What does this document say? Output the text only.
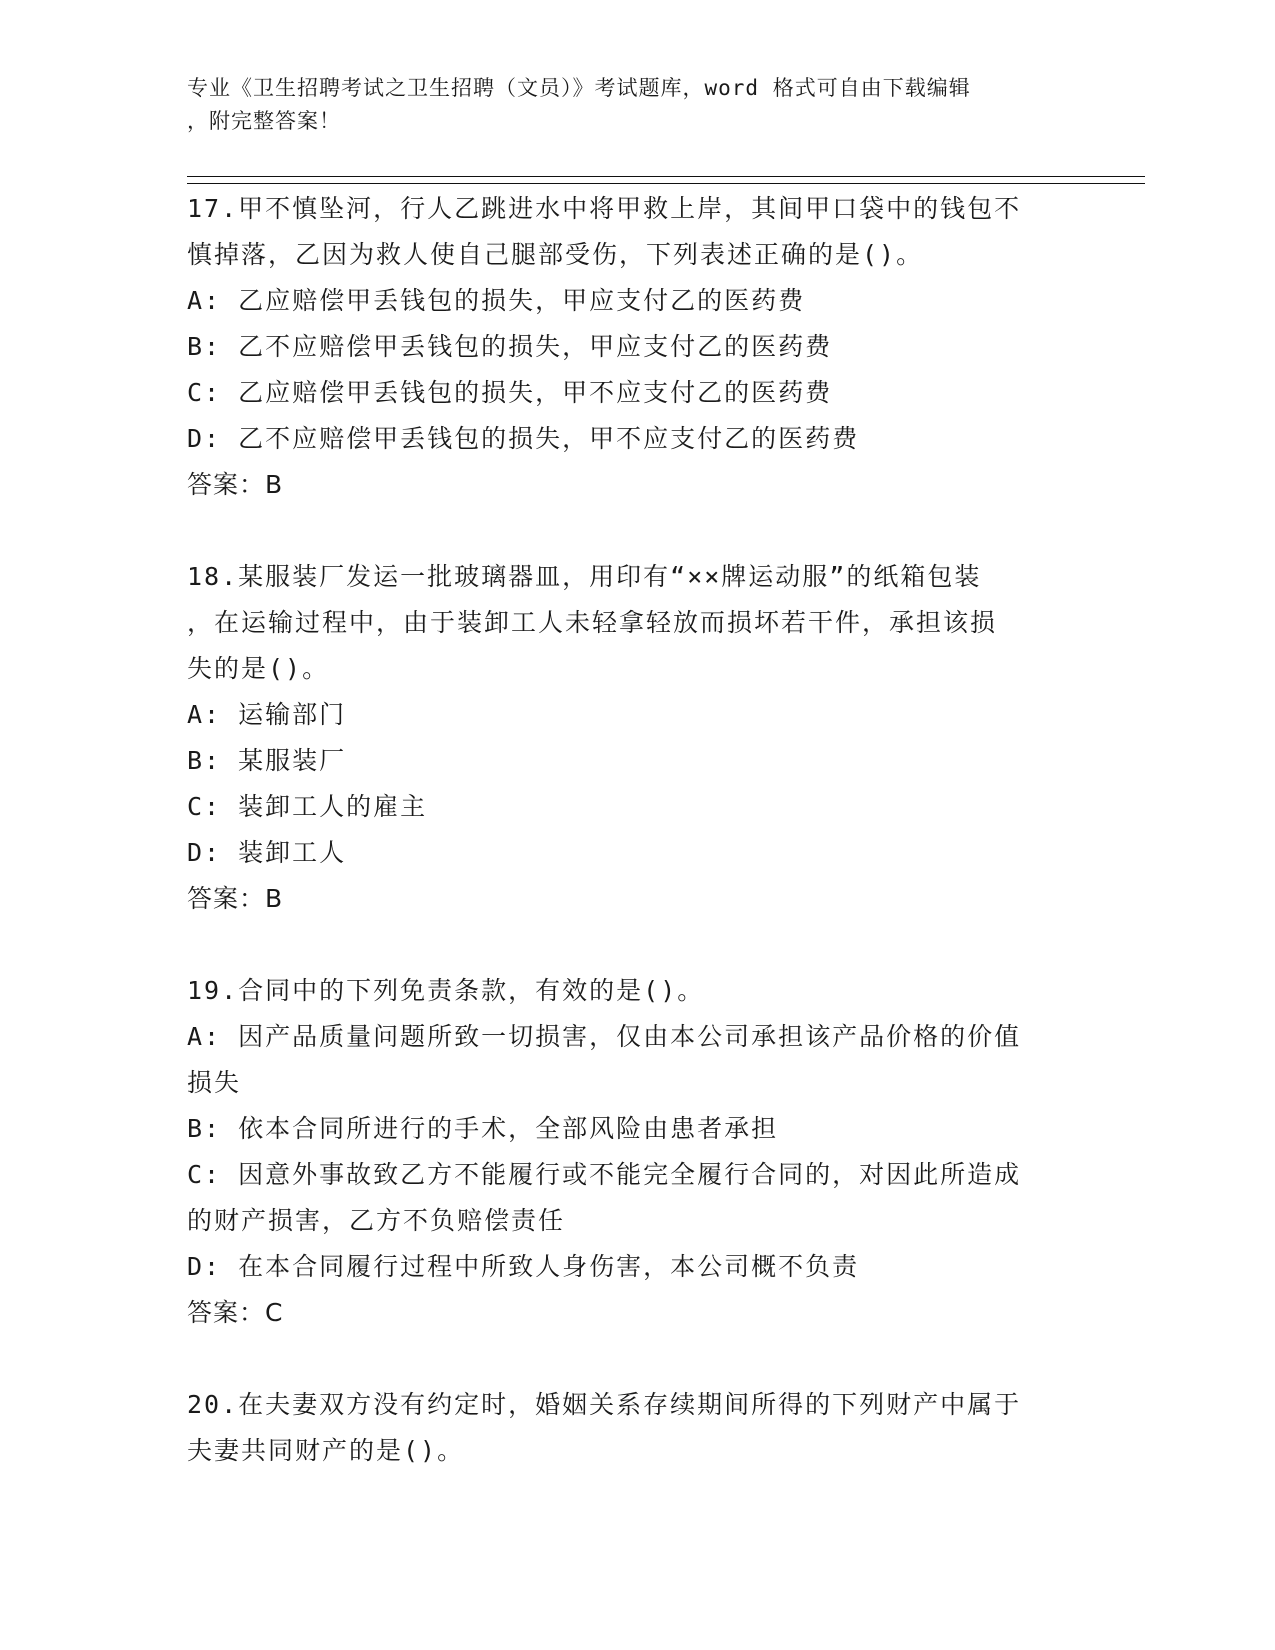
专业《卫生招聘考试之卫生招聘（文员）》考试题库，word 格式可自由下载编辑
，附完整答案！
17.甲不慎坠河，行人乙跳进水中将甲救上岸，其间甲口袋中的钱包不
慎掉落，乙因为救人使自己腿部受伤，下列表述正确的是()。
A: 乙应赔偿甲丢钱包的损失，甲应支付乙的医药费
B: 乙不应赔偿甲丢钱包的损失，甲应支付乙的医药费
C: 乙应赔偿甲丢钱包的损失，甲不应支付乙的医药费
D: 乙不应赔偿甲丢钱包的损失，甲不应支付乙的医药费
答案：B
18.某服装厂发运一批玻璃器皿，用印有“××牌运动服”的纸箱包装
，在运输过程中，由于装卸工人未轻拿轻放而损坏若干件，承担该损
失的是()。
A: 运输部门
B: 某服装厂
C: 装卸工人的雇主
D: 装卸工人
答案：B
19.合同中的下列免责条款，有效的是()。
A: 因产品质量问题所致一切损害，仅由本公司承担该产品价格的价值
损失
B: 依本合同所进行的手术，全部风险由患者承担
C: 因意外事故致乙方不能履行或不能完全履行合同的，对因此所造成
的财产损害，乙方不负赔偿责任
D: 在本合同履行过程中所致人身伤害，本公司概不负责
答案：C
20.在夫妻双方没有约定时，婚姻关系存续期间所得的下列财产中属于
夫妻共同财产的是()。
